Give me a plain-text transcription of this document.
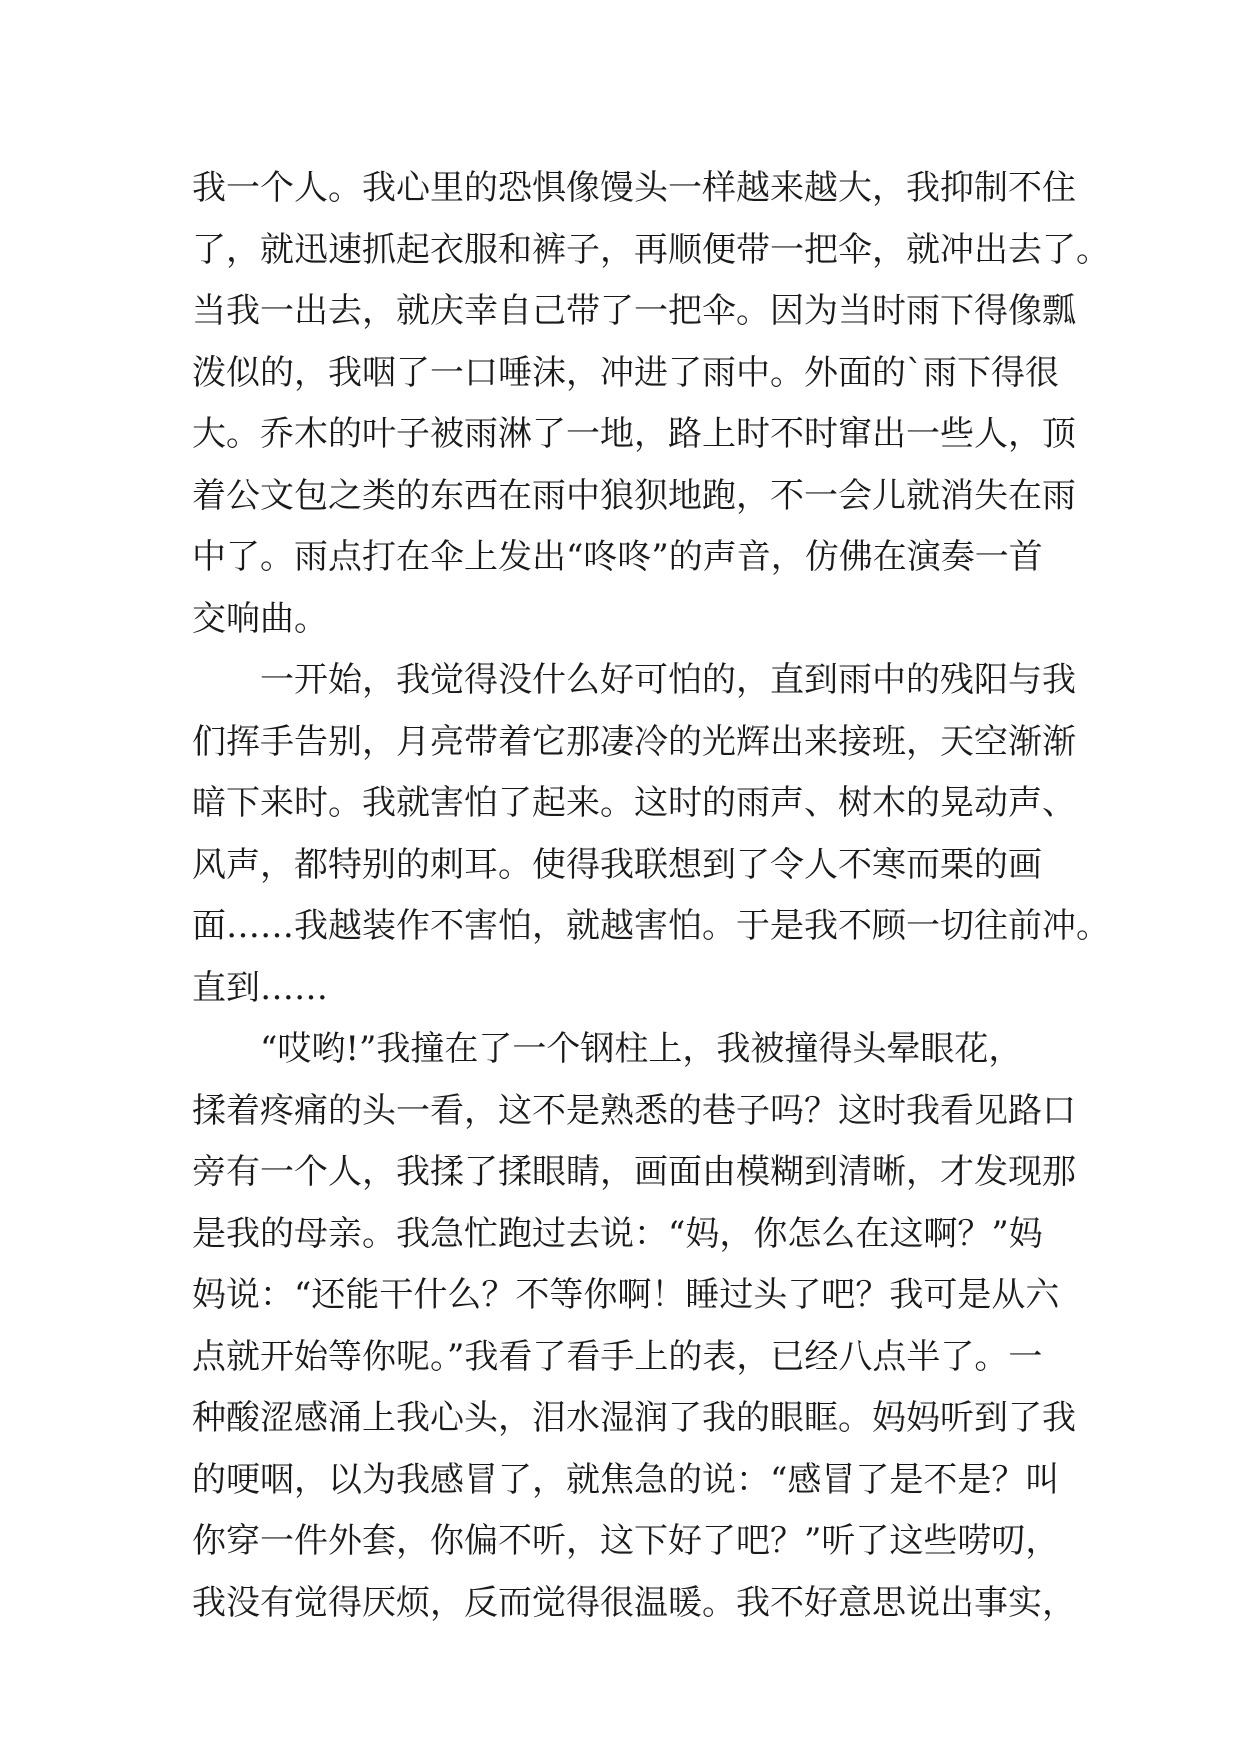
我一个人。我心里的恐惧像馒头一样越来越大，我抑制不住
了，就迅速抓起衣服和裤子，再顺便带一把伞，就冲出去了。
当我一出去，就庆幸自己带了一把伞。因为当时雨下得像瓢
泼似的，我咽了一口唾沫，冲进了雨中。外面的`雨下得很
大。乔木的叶子被雨淋了一地，路上时不时窜出一些人，顶
着公文包之类的东西在雨中狼狈地跑，不一会儿就消失在雨
中了。雨点打在伞上发出“咚咚”的声音，仿佛在演奏一首
交响曲。
一开始，我觉得没什么好可怕的，直到雨中的残阳与我
们挥手告别，月亮带着它那凄冷的光辉出来接班，天空渐渐
暗下来时。我就害怕了起来。这时的雨声、树木的晃动声、
风声，都特别的刺耳。使得我联想到了令人不寒而栗的画
面……我越装作不害怕，就越害怕。于是我不顾一切往前冲。
直到……
“哎哟!”我撞在了一个钢柱上，我被撞得头晕眼花，
揉着疼痛的头一看，这不是熟悉的巷子吗？这时我看见路口
旁有一个人，我揉了揉眼睛，画面由模糊到清晰，才发现那
是我的母亲。我急忙跑过去说：“妈，你怎么在这啊？”妈
妈说：“还能干什么？不等你啊！睡过头了吧？我可是从六
点就开始等你呢。”我看了看手上的表，已经八点半了。一
种酸涩感涌上我心头，泪水湿润了我的眼眶。妈妈听到了我
的哽咽，以为我感冒了，就焦急的说：“感冒了是不是？叫
你穿一件外套，你偏不听，这下好了吧？”听了这些唠叨，
我没有觉得厌烦，反而觉得很温暖。我不好意思说出事实，
